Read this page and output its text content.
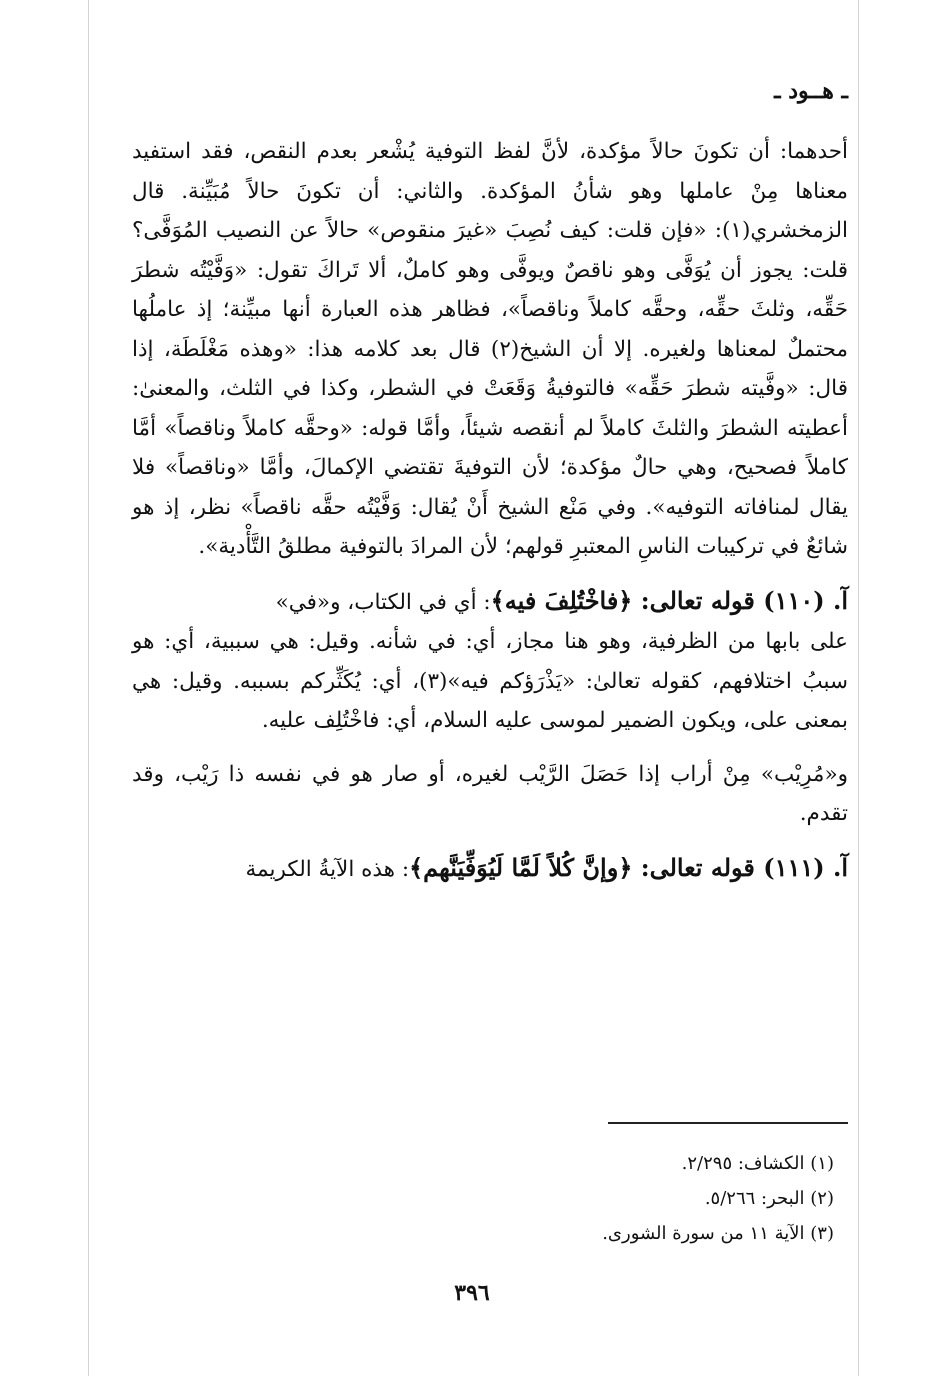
ـ هــود ـ

أحدهما: أن تكونَ حالاً مؤكدة، لأنَّ لفظ التوفية يُشْعر بعدم النقص، فقد استفيد معناها مِنْ عاملها وهو شأنُ المؤكدة. والثاني: أن تكونَ حالاً مُبَيِّنة. قال الزمخشري(١): «فإن قلت: كيف نُصِبَ «غيرَ منقوص» حالاً عن النصيب المُوَفَّى؟ قلت: يجوز أن يُوَفَّى وهو ناقصٌ ويوفَّى وهو كاملٌ، ألا تَراكَ تقول: «وَفَّيْتُه شطرَ حَقِّه، وثلثَ حقِّه، وحقَّه كاملاً وناقصاً»، فظاهر هذه العبارة أنها مبيِّنة؛ إذ عاملُها محتملٌ لمعناها ولغيره. إلا أن الشيخ(٢) قال بعد كلامه هذا: «وهذه مَغْلَطَة، إذا قال: «وفَّيته شطرَ حَقِّه» فالتوفيةُ وَقَعَتْ في الشطر، وكذا في الثلث، والمعنىٰ: أعطيته الشطرَ والثلثَ كاملاً لم أنقصه شيئاً، وأمَّا قوله: «وحقَّه كاملاً وناقصاً» أمَّا كاملاً فصحيح، وهي حالٌ مؤكدة؛ لأن التوفيةَ تقتضي الإكمالَ، وأمَّا «وناقصاً» فلا يقال لمنافاته التوفيه». وفي مَنْع الشيخ أَنْ يُقال: وَفَّيْتُه حقَّه ناقصاً» نظر، إذ هو شائعٌ في تركيبات الناسِ المعتبرِ قولهم؛ لأن المرادَ بالتوفية مطلقُ التَّأْدية».

آ. (١١٠) قوله تعالى: ﴿فاخْتُلِفَ فيه﴾: أي في الكتاب، و«في»

على بابها من الظرفية، وهو هنا مجاز، أي: في شأنه. وقيل: هي سببية، أي: هو سببُ اختلافهم، كقوله تعالىٰ: «يَذْرَؤكم فيه»(٣)، أي: يُكَثِّركم بسببه. وقيل: هي بمعنى على، ويكون الضمير لموسى عليه السلام، أي: فاخْتُلِف عليه.

و«مُرِيْب» مِنْ أراب إذا حَصَلَ الرَّيْب لغيره، أو صار هو في نفسه ذا رَيْب، وقد تقدم.

آ. (١١١) قوله تعالى: ﴿وإنَّ كُلاً لَمَّا لَيُوَفِّيَنَّهم﴾: هذه الآيةُ الكريمة

(١) الكشاف: ٢/٢٩٥.

(٢) البحر: ٥/٢٦٦.

(٣) الآية ١١ من سورة الشورى.

٣٩٦
